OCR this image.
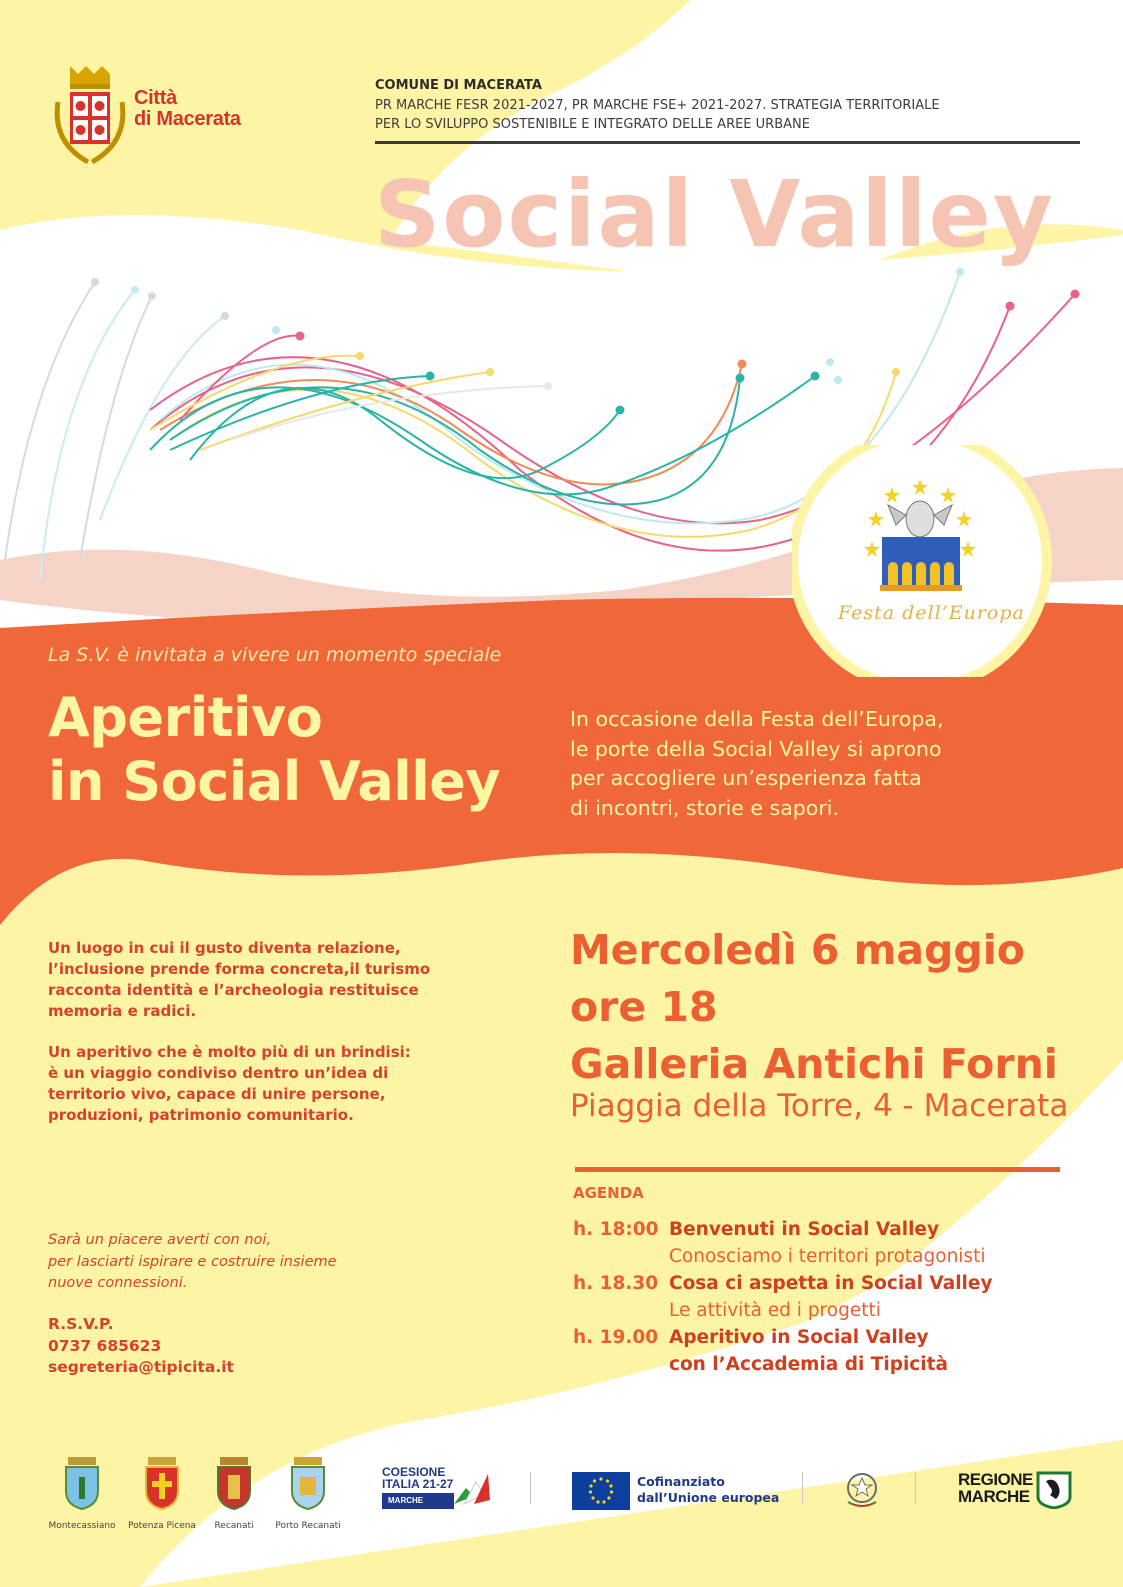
Città
di Macerata
COMUNE DI MACERATA
PR MARCHE FESR 2021-2027, PR MARCHE FSE+ 2021-2027. STRATEGIA TERRITORIALE
PER LO SVILUPPO SOSTENIBILE E INTEGRATO DELLE AREE URBANE
Social Valley
Festa dell’Europa
La S.V. è invitata a vivere un momento speciale
Aperitivo
in Social Valley
In occasione della Festa dell’Europa,
le porte della Social Valley si aprono
per accogliere un’esperienza fatta
di incontri, storie e sapori.

Un luogo in cui il gusto diventa relazione,
l’inclusione prende forma concreta,il turismo
racconta identità e l’archeologia restituisce
memoria e radici.

Un aperitivo che è molto più di un brindisi:
è un viaggio condiviso dentro un’idea di
territorio vivo, capace di unire persone,
produzioni, patrimonio comunitario.

Sarà un piacere averti con noi,
per lasciarti ispirare e costruire insieme
nuove connessioni.
R.S.V.P.
0737 685623
segreteria@tipicita.it
Mercoledì 6 maggio
ore 18
Galleria Antichi Forni
Piaggia della Torre, 4 - Macerata
AGENDA
h. 18:00 Benvenuti in Social Valley
Conosciamo i territori protagonisti
h. 18.30 Cosa ci aspetta in Social Valley
Le attività ed i progetti
h. 19.00 Aperitivo in Social Valley
con l’Accademia di Tipicità
Montecassiano	Potenza Picena	Recanati	Porto Recanati
COESIONE
ITALIA 21-27
MARCHE
Cofinanziato
dall’Unione europea
REGIONE
MARCHE
